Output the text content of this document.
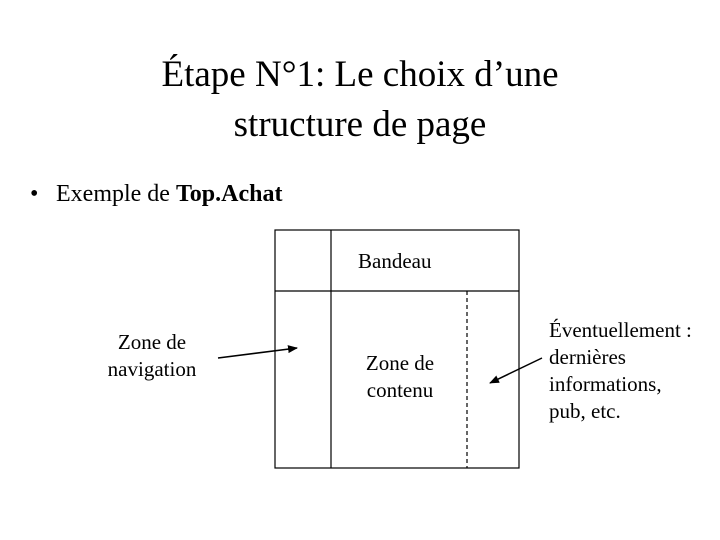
Étape N°1: Le choix d’une
structure de page
• Exemple de Top.Achat
Bandeau
Zone de
navigation	Zone de
contenu
Éventuellement :
dernières
informations,
pub, etc.
